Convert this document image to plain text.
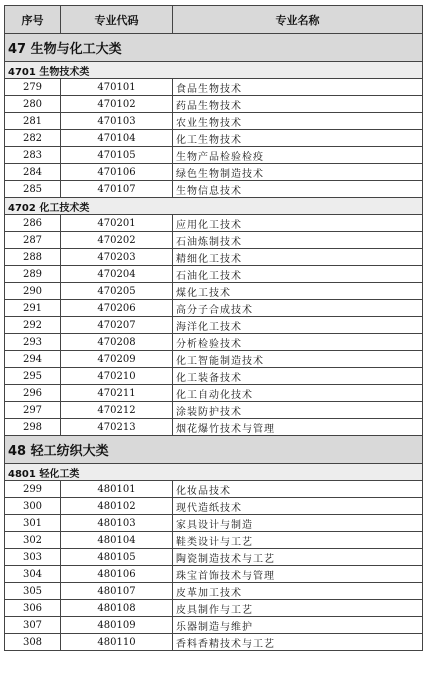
序号	专业代码	专业名称
47 生物与化工大类		
4701 生物技术类		
279	470101	食品生物技术
280	470102	药品生物技术
281	470103	农业生物技术
282	470104	化工生物技术
283	470105	生物产品检验检疫
284	470106	绿色生物制造技术
285	470107	生物信息技术
4702 化工技术类		
286	470201	应用化工技术
287	470202	石油炼制技术
288	470203	精细化工技术
289	470204	石油化工技术
290	470205	煤化工技术
291	470206	高分子合成技术
292	470207	海洋化工技术
293	470208	分析检验技术
294	470209	化工智能制造技术
295	470210	化工装备技术
296	470211	化工自动化技术
297	470212	涂装防护技术
298	470213	烟花爆竹技术与管理
48 轻工纺织大类		
4801 轻化工类		
299	480101	化妆品技术
300	480102	现代造纸技术
301	480103	家具设计与制造
302	480104	鞋类设计与工艺
303	480105	陶瓷制造技术与工艺
304	480106	珠宝首饰技术与管理
305	480107	皮革加工技术
306	480108	皮具制作与工艺
307	480109	乐器制造与维护
308	480110	香料香精技术与工艺
